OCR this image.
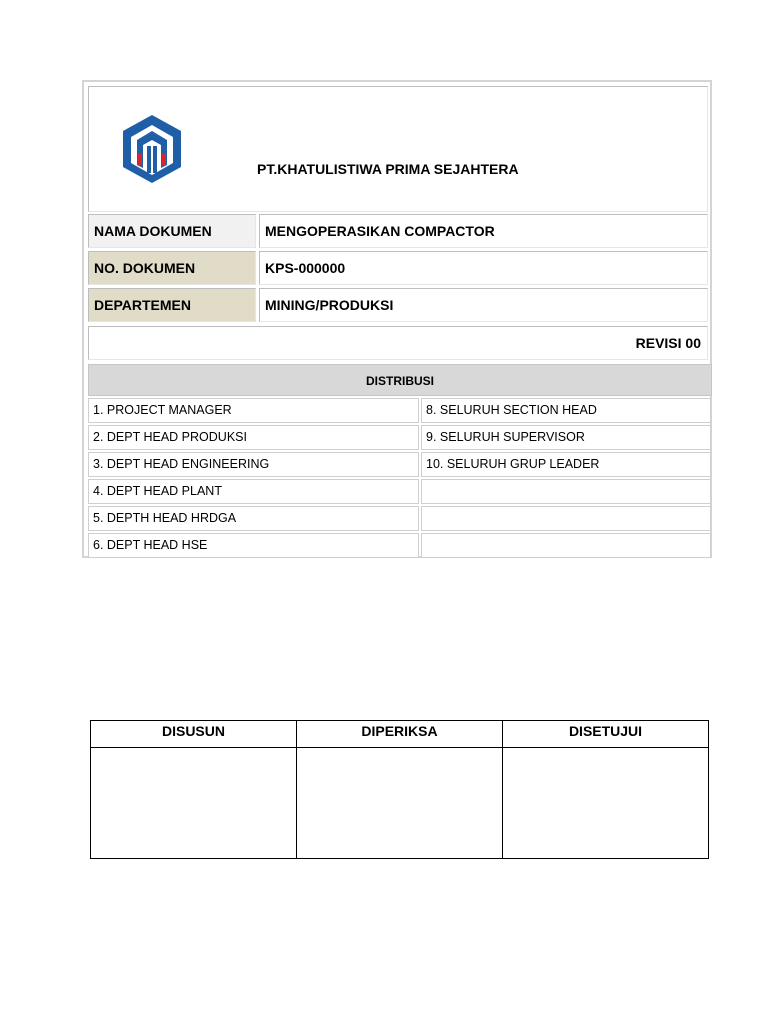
PT.KHATULISTIWA PRIMA SEJAHTERA
NAMA DOKUMEN	MENGOPERASIKAN COMPACTOR
NO. DOKUMEN	KPS-000000
DEPARTEMEN	MINING/PRODUKSI
REVISI 00
DISTRIBUSI
1. PROJECT MANAGER	8. SELURUH SECTION HEAD
2. DEPT HEAD PRODUKSI	9. SELURUH SUPERVISOR
3. DEPT HEAD ENGINEERING	10. SELURUH GRUP LEADER
4. DEPT HEAD PLANT
5. DEPTH HEAD HRDGA
6. DEPT HEAD HSE
DISUSUN	DIPERIKSA	DISETUJUI
